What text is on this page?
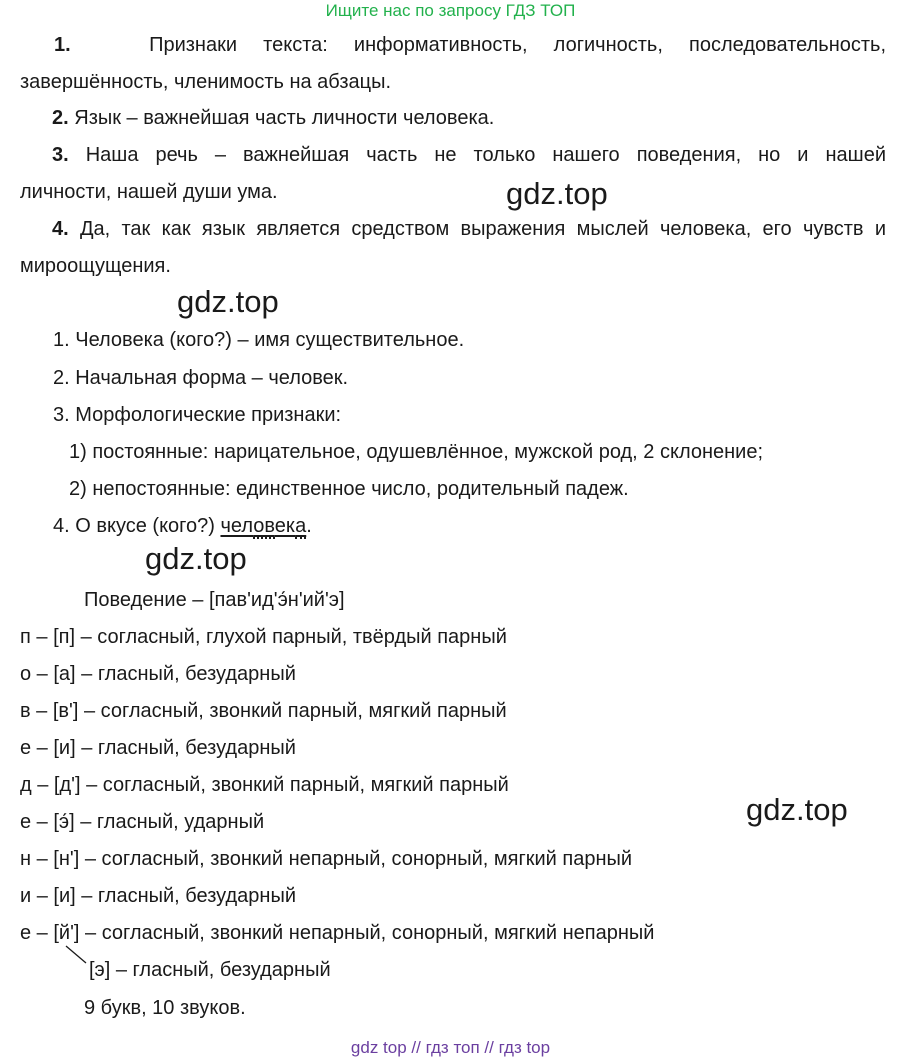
Ищите нас по запросу ГДЗ ТОП
1.	Признаки текста: информативность, логичность, последовательность,
завершённость, членимость на абзацы.
2. Язык – важнейшая часть личности человека.
3. Наша речь – важнейшая часть не только нашего поведения, но и нашей
личности, нашей души ума.	gdz.top
4. Да, так как язык является средством выражения мыслей человека, его чувств и
мироощущения.
gdz.top
1. Человека (кого?) – имя существительное.
2. Начальная форма – человек.
3. Морфологические признаки:
1) постоянные: нарицательное, одушевлённое, мужской род, 2 склонение;
2) непостоянные: единственное число, родительный падеж.
4. О вкусе (кого?) человека.
gdz.top
Поведение – [пав'ид'э́н'ий'э]
п – [п] – согласный, глухой парный, твёрдый парный
о – [а] – гласный, безударный
в – [в'] – согласный, звонкий парный, мягкий парный
е – [и] – гласный, безударный
д – [д'] – согласный, звонкий парный, мягкий парный
е – [э́] – гласный, ударный
н – [н'] – согласный, звонкий непарный, сонорный, мягкий парный
и – [и] – гласный, безударный
е – [й'] – согласный, звонкий непарный, сонорный, мягкий непарный
[э] – гласный, безударный
9 букв, 10 звуков.
gdz.top
gdz top // гдз топ // гдз top
